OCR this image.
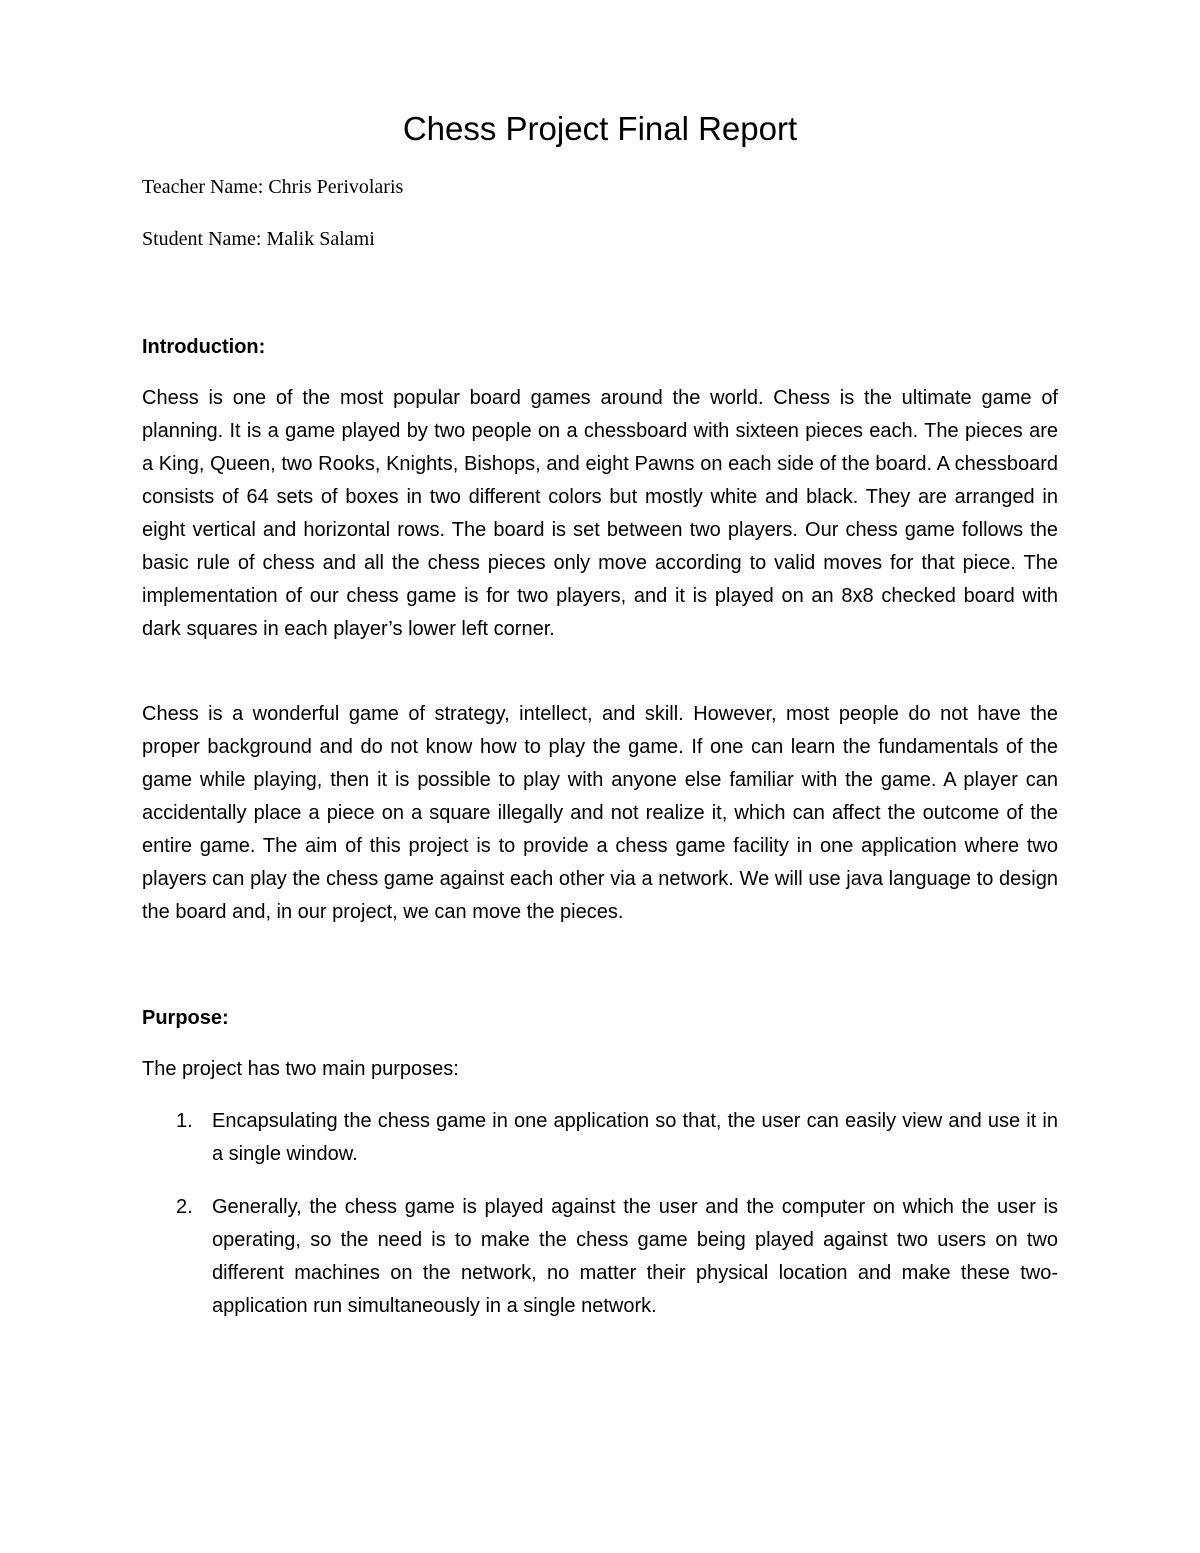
Chess Project Final Report

Teacher Name: Chris Perivolaris

Student Name: Malik Salami

Introduction:

Chess is one of the most popular board games around the world. Chess is the ultimate game of planning. It is a game played by two people on a chessboard with sixteen pieces each. The pieces are a King, Queen, two Rooks, Knights, Bishops, and eight Pawns on each side of the board. A chessboard consists of 64 sets of boxes in two different colors but mostly white and black. They are arranged in eight vertical and horizontal rows. The board is set between two players. Our chess game follows the basic rule of chess and all the chess pieces only move according to valid moves for that piece. The implementation of our chess game is for two players, and it is played on an 8x8 checked board with dark squares in each player’s lower left corner.

Chess is a wonderful game of strategy, intellect, and skill. However, most people do not have the proper background and do not know how to play the game. If one can learn the fundamentals of the game while playing, then it is possible to play with anyone else familiar with the game. A player can accidentally place a piece on a square illegally and not realize it, which can affect the outcome of the entire game. The aim of this project is to provide a chess game facility in one application where two players can play the chess game against each other via a network. We will use java language to design the board and, in our project, we can move the pieces.

Purpose:

The project has two main purposes:

1. Encapsulating the chess game in one application so that, the user can easily view and use it in a single window.
2. Generally, the chess game is played against the user and the computer on which the user is operating, so the need is to make the chess game being played against two users on two different machines on the network, no matter their physical location and make these two-application run simultaneously in a single network.
